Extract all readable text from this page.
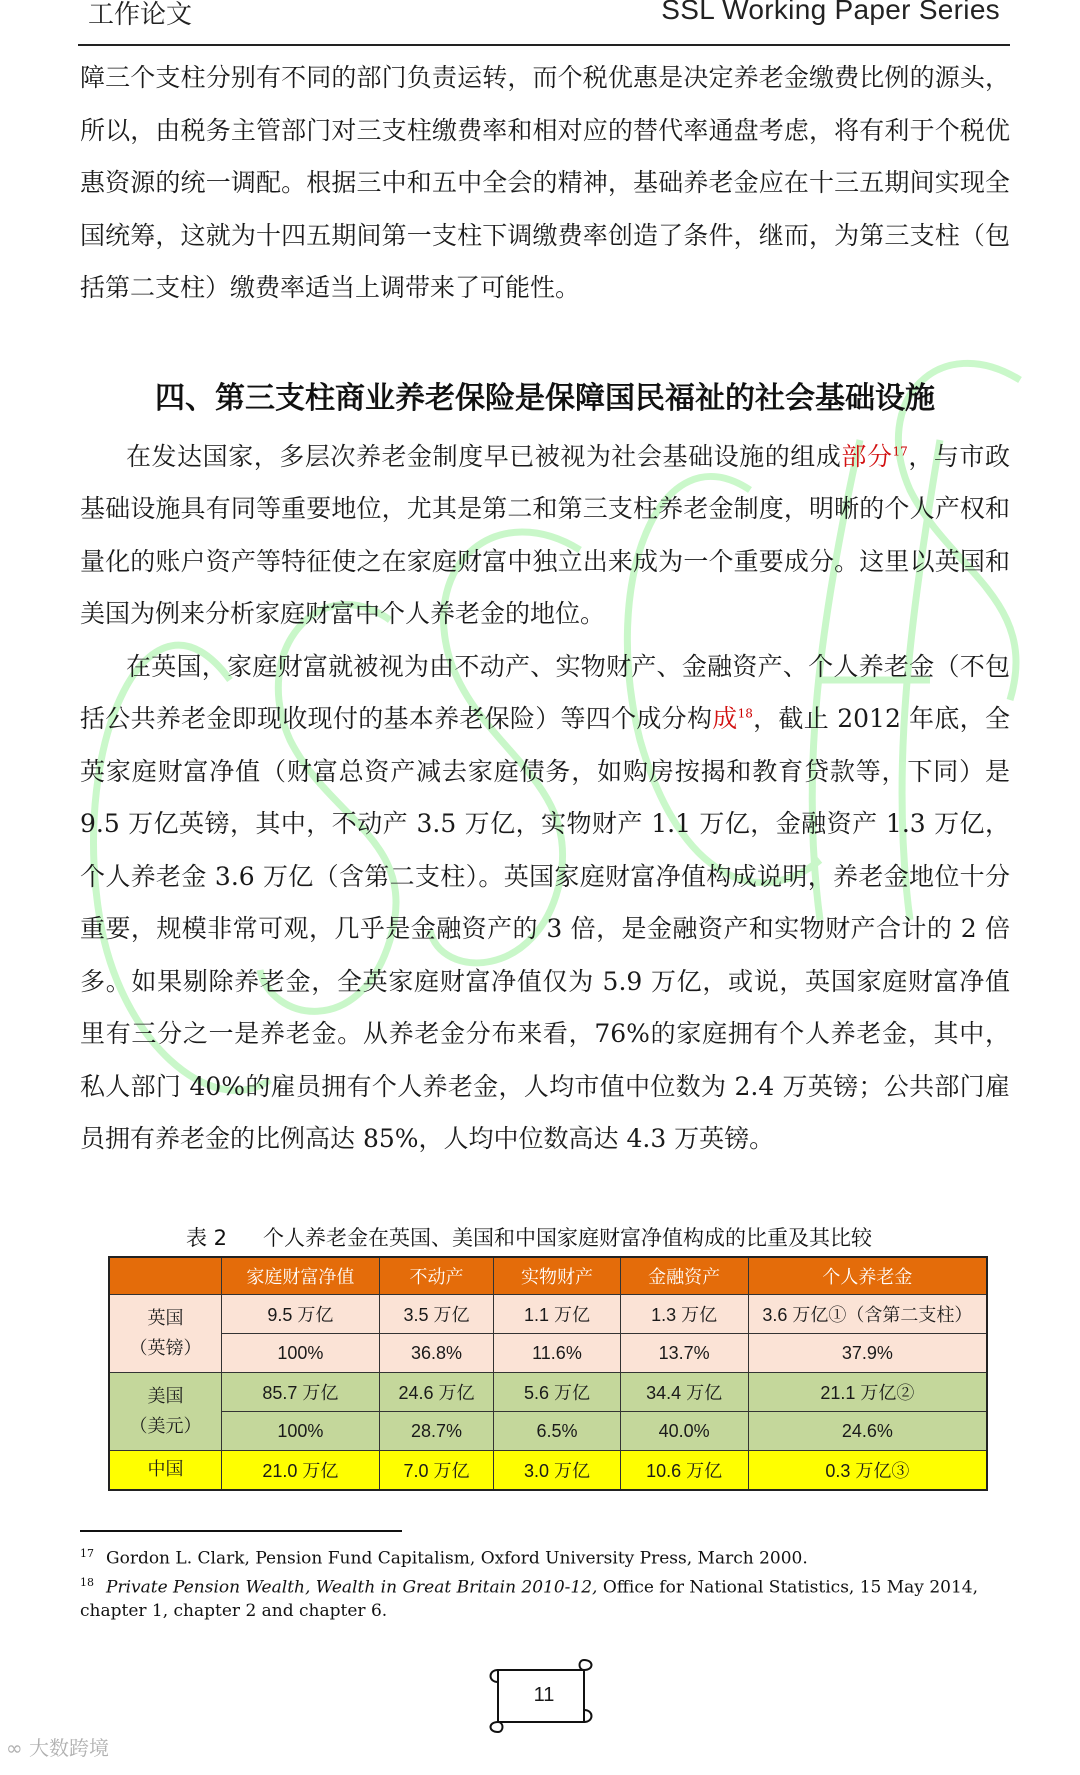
工作论文	SSL Working Paper Series

障三个支柱分别有不同的部门负责运转，而个税优惠是决定养老金缴费比例的源头，所以，由税务主管部门对三支柱缴费率和相对应的替代率通盘考虑，将有利于个税优惠资源的统一调配。根据三中和五中全会的精神，基础养老金应在十三五期间实现全国统筹，这就为十四五期间第一支柱下调缴费率创造了条件，继而，为第三支柱（包括第二支柱）缴费率适当上调带来了可能性。

四、第三支柱商业养老保险是保障国民福祉的社会基础设施

在发达国家，多层次养老金制度早已被视为社会基础设施的组成部分$^{17}$，与市政基础设施具有同等重要地位，尤其是第二和第三支柱养老金制度，明晰的个人产权和量化的账户资产等特征使之在家庭财富中独立出来成为一个重要成分。这里以英国和美国为例来分析家庭财富中个人养老金的地位。

在英国，家庭财富就被视为由不动产、实物财产、金融资产、个人养老金（不包括公共养老金即现收现付的基本养老保险）等四个成分构成$^{18}$，截止 2012 年底，全英家庭财富净值（财富总资产减去家庭债务，如购房按揭和教育贷款等，下同）是 9.5 万亿英镑，其中，不动产 3.5 万亿，实物财产 1.1 万亿，金融资产 1.3 万亿，个人养老金 3.6 万亿（含第二支柱）。英国家庭财富净值构成说明，养老金地位十分重要，规模非常可观，几乎是金融资产的 3 倍，是金融资产和实物财产合计的 2 倍多。如果剔除养老金，全英家庭财富净值仅为 5.9 万亿，或说，英国家庭财富净值里有三分之一是养老金。从养老金分布来看，76%的家庭拥有个人养老金，其中，私人部门 40%的雇员拥有个人养老金，人均市值中位数为 2.4 万英镑；公共部门雇员拥有养老金的比例高达 85%，人均中位数高达 4.3 万英镑。

表 2 个人养老金在英国、美国和中国家庭财富净值构成的比重及其比较
	家庭财富净值	不动产	实物财产	金融资产	个人养老金
英国
（英镑）	9.5 万亿	3.5 万亿	1.1 万亿	1.3 万亿	3.6 万亿①（含第二支柱）
	100%	36.8%	11.6%	13.7%	37.9%
美国
（美元）	85.7 万亿	24.6 万亿	5.6 万亿	34.4 万亿	21.1 万亿②
	100%	28.7%	6.5%	40.0%	24.6%
中国	21.0 万亿	7.0 万亿	3.0 万亿	10.6 万亿	0.3 万亿③
$^{17}$ Gordon L. Clark, Pension Fund Capitalism, Oxford University Press, March 2000.
$^{18}$ Private Pension Wealth, Wealth in Great Britain 2010-12, Office for National Statistics, 15 May 2014, chapter 1, chapter 2 and chapter 6.
11
∞ 大数跨境
